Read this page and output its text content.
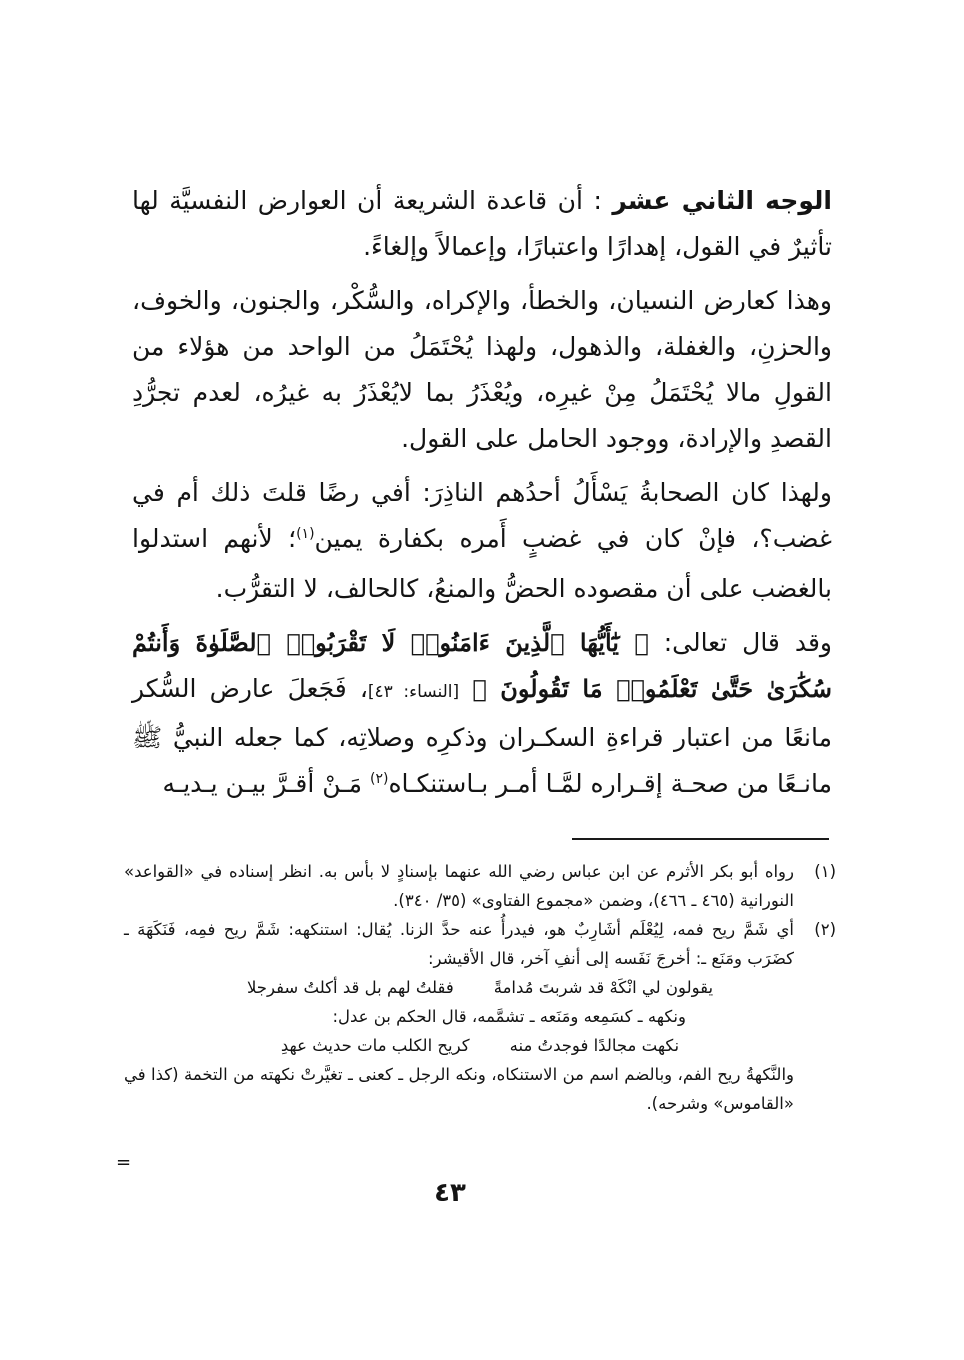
الوجه الثاني عشر : أن قاعدة الشريعة أن العوارض النفسيَّة لها تأثيرٌ في القول، إهدارًا واعتبارًا، وإعمالاً وإلغاءً.

وهذا كعارض النسيان، والخطأ، والإكراه، والسُّكْر، والجنون، والخوف، والحزنِ، والغفلة، والذهول، ولهذا يُحْتَمَلُ من الواحد من هؤلاء من القولِ مالا يُحْتَمَلُ مِنْ غيرِه، ويُعْذَرُ بما لايُعْذَرُ به غيرُه، لعدم تجرُّدِ القصدِ والإرادة، ووجود الحامل على القول.

ولهذا كان الصحابةُ يَسْأَلُ أحدُهم الناذِرَ: أفي رضًا قلتَ ذلك أم في غضب؟، فإنْ كان في غضبٍ أَمره بكفارة يمين$^{(١)}$؛ لأنهم استدلوا بالغضب على أن مقصوده الحضُّ والمنعُ، كالحالف، لا التقرُّب.

وقد قال تعالى: ﴿ يَٰٓأَيُّهَا ٱلَّذِينَ ءَامَنُوا۟ لَا تَقْرَبُوا۟ ٱلصَّلَوٰةَ وَأَنتُمْ سُكَٰرَىٰ حَتَّىٰ تَعْلَمُوا۟ مَا تَقُولُونَ ﴾ [النساء: ٤٣]، فَجَعلَ عارض السُّكر مانعًا من اعتبار قراءةِ السكـران وذكرِه وصلاتِه، كما جعله النبيُّ ﷺ مانـعًا من صحـة إقـراره لمَّـا أمـر بـاستنكـاه$^{(٢)}$ مَـنْ أقـرَّ بيـن يـديـه

(١)
رواه أبو بكر الأثرم عن ابن عباس رضي الله عنهما بإسنادٍ لا بأس به. انظر إسناده في «القواعد» النورانية (٤٦٥ ـ ٤٦٦)، وضمن «مجموع الفتاوى» (٣٥/ ٣٤٠).
(٢)
أي شَمَّ ريح فمه، لِيُعْلَم أشَارِبٌ هو، فيدرأُ عنه حدَّ الزنا. يُقال: استنكهه: شَمَّ ريح فمِه، فَنَكَهَهَ ـ كضَرَب ومَنَع ـ: أخرجَ نَفَسه إلى أنفِ آخر، قال الأقيشر:
يقولون لي انْكَهْ قد شربتَ مُدامةً
فقلتُ لهم بل قد أكلتُ سفرجلا
ونكهه ـ كسَمِعه ومَنَعه ـ تشمَّمه، قال الحكم بن عدل:
نكهت مجالدًا فوجدتُ منه
كريح الكلب مات حديث عهدِ
والنَّكهةُ ريح الفم، وبالضم اسم من الاستنكاه، ونكه الرجل ـ كعنى ـ تغيَّرتْ نكهته من التخمة (كذا في «القاموس» وشرحه).
=
٤٣
